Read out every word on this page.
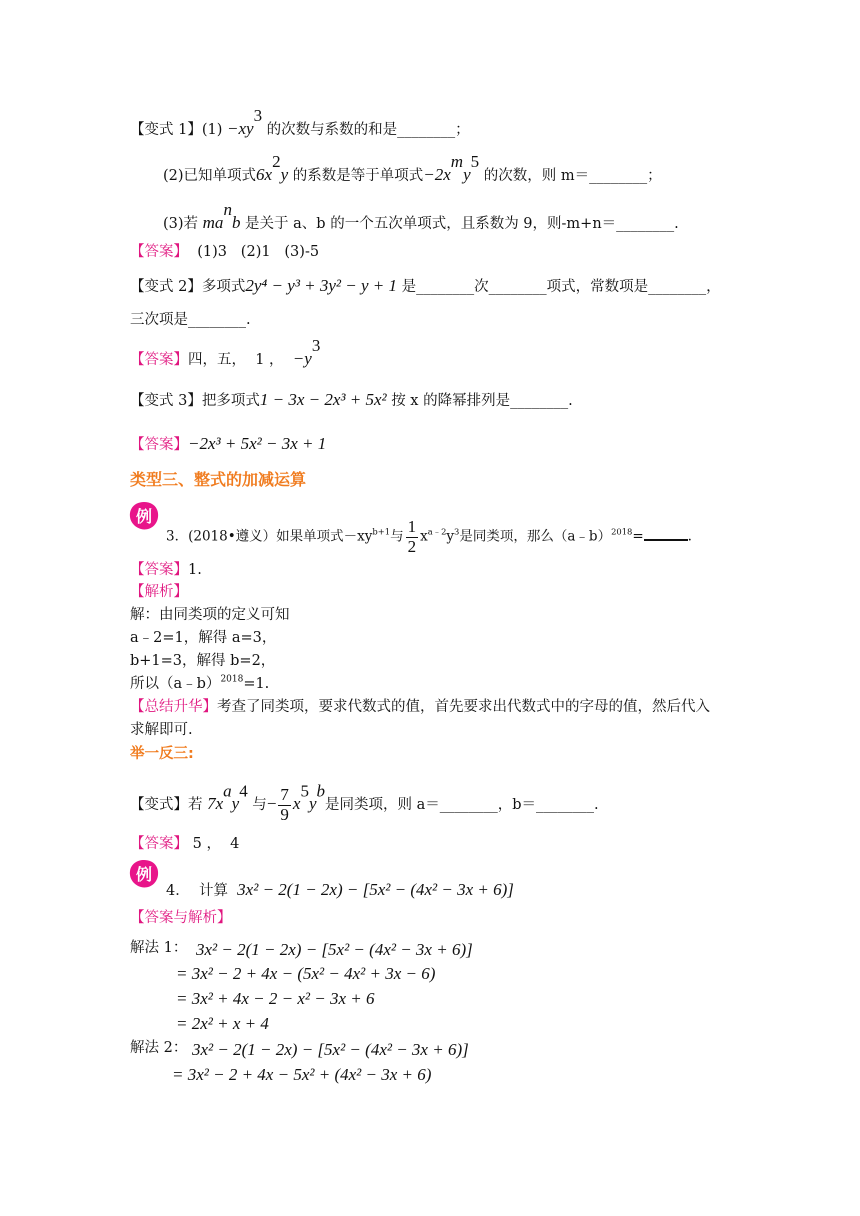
【变式 1】$(1) -xy^3$ 的次数与系数的和是________；
(2)已知单项式$6x^2y$ 的系数是等于单项式$-2x^my^5$ 的次数，则 m＝________；
(3)若 $ma^nb$ 是关于 a、b 的一个五次单项式，且系数为 9，则-m+n＝________.
【答案】  (1)3   (2)1   (3)-5
【变式 2】多项式2y⁴ − y³ + 3y² − y + 1 是________次________项式，常数项是________，
三次项是________.
【答案】四，五，  1 ，  $-y^3$
【变式 3】把多项式1 − 3x − 2x³ + 5x² 按 x 的降幂排列是________.
【答案】−2x³ + 5x² − 3x + 1
类型三、整式的加减运算
例
3．(2018•遵义）如果单项式$-xy^{b+1}$与 $\frac{1}{2} x^{a﹣2}y^3$是同类项，那么（a﹣b）$^{2018}$=	.
【答案】1.
【解析】
解：由同类项的定义可知
a﹣2=1，解得 a=3，
b+1=3，解得 b=2，
所以（a﹣b）$^{2018}$=1.
【总结升华】考查了同类项，要求代数式的值，首先要求出代数式中的字母的值，然后代入
求解即可.
举一反三:
【变式】若 $7x^ay^4$ 与− $\frac{7}{9} x^5y^b$是同类项，则 a＝________，b＝________.
【答案】 5 ，  4
例
4．  计算  3x² − 2(1 − 2x) − [5x² − (4x² − 3x + 6)]
【答案与解析】
解法 1： 3x² − 2(1 − 2x) − [5x² − (4x² − 3x + 6)]
= 3x² − 2 + 4x − (5x² − 4x² + 3x − 6)
= 3x² + 4x − 2 − x² − 3x + 6
= 2x² + x + 4
解法 2： 3x² − 2(1 − 2x) − [5x² − (4x² − 3x + 6)]
= 3x² − 2 + 4x − 5x² + (4x² − 3x + 6)
